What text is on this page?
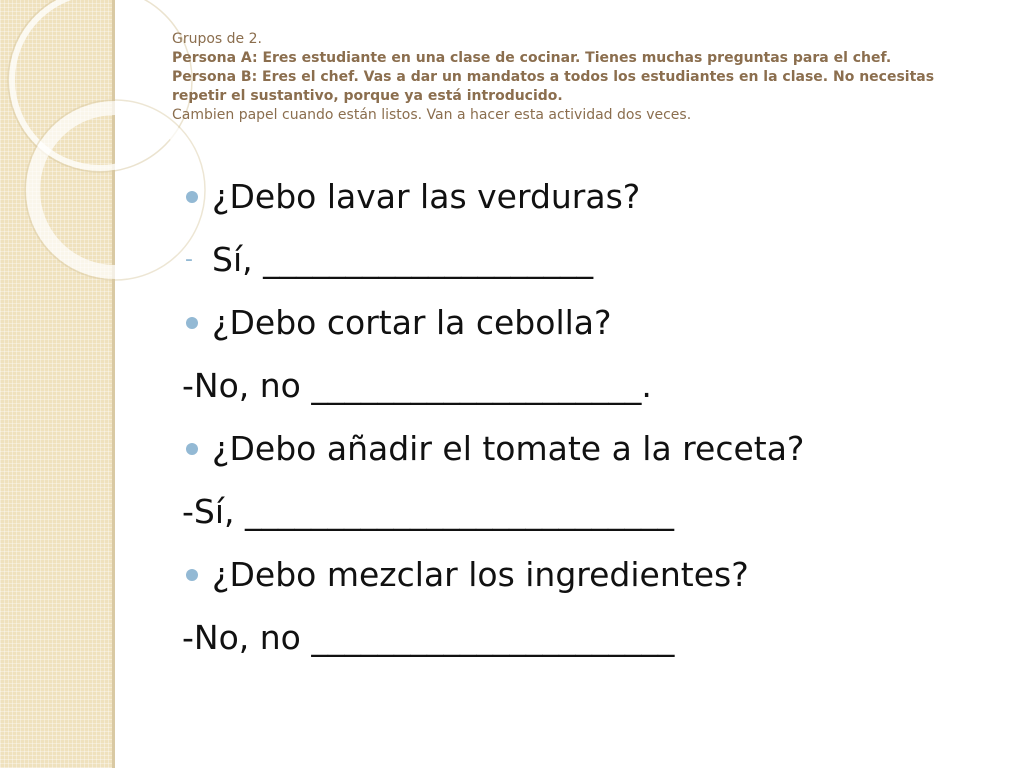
Grupos de 2.
Persona A: Eres estudiante en una clase de cocinar. Tienes muchas preguntas para el chef.
Persona B: Eres el chef. Vas a dar un mandatos a todos los estudiantes en la clase. No necesitas
repetir el sustantivo, porque ya está introducido.
Cambien papel cuando están listos. Van a hacer esta actividad dos veces.
¿Debo lavar las verduras?
- Sí, ____________________
¿Debo cortar la cebolla?
-No, no ____________________.
¿Debo añadir el tomate a la receta?
-Sí, __________________________
¿Debo mezclar los ingredientes?
-No, no ______________________
